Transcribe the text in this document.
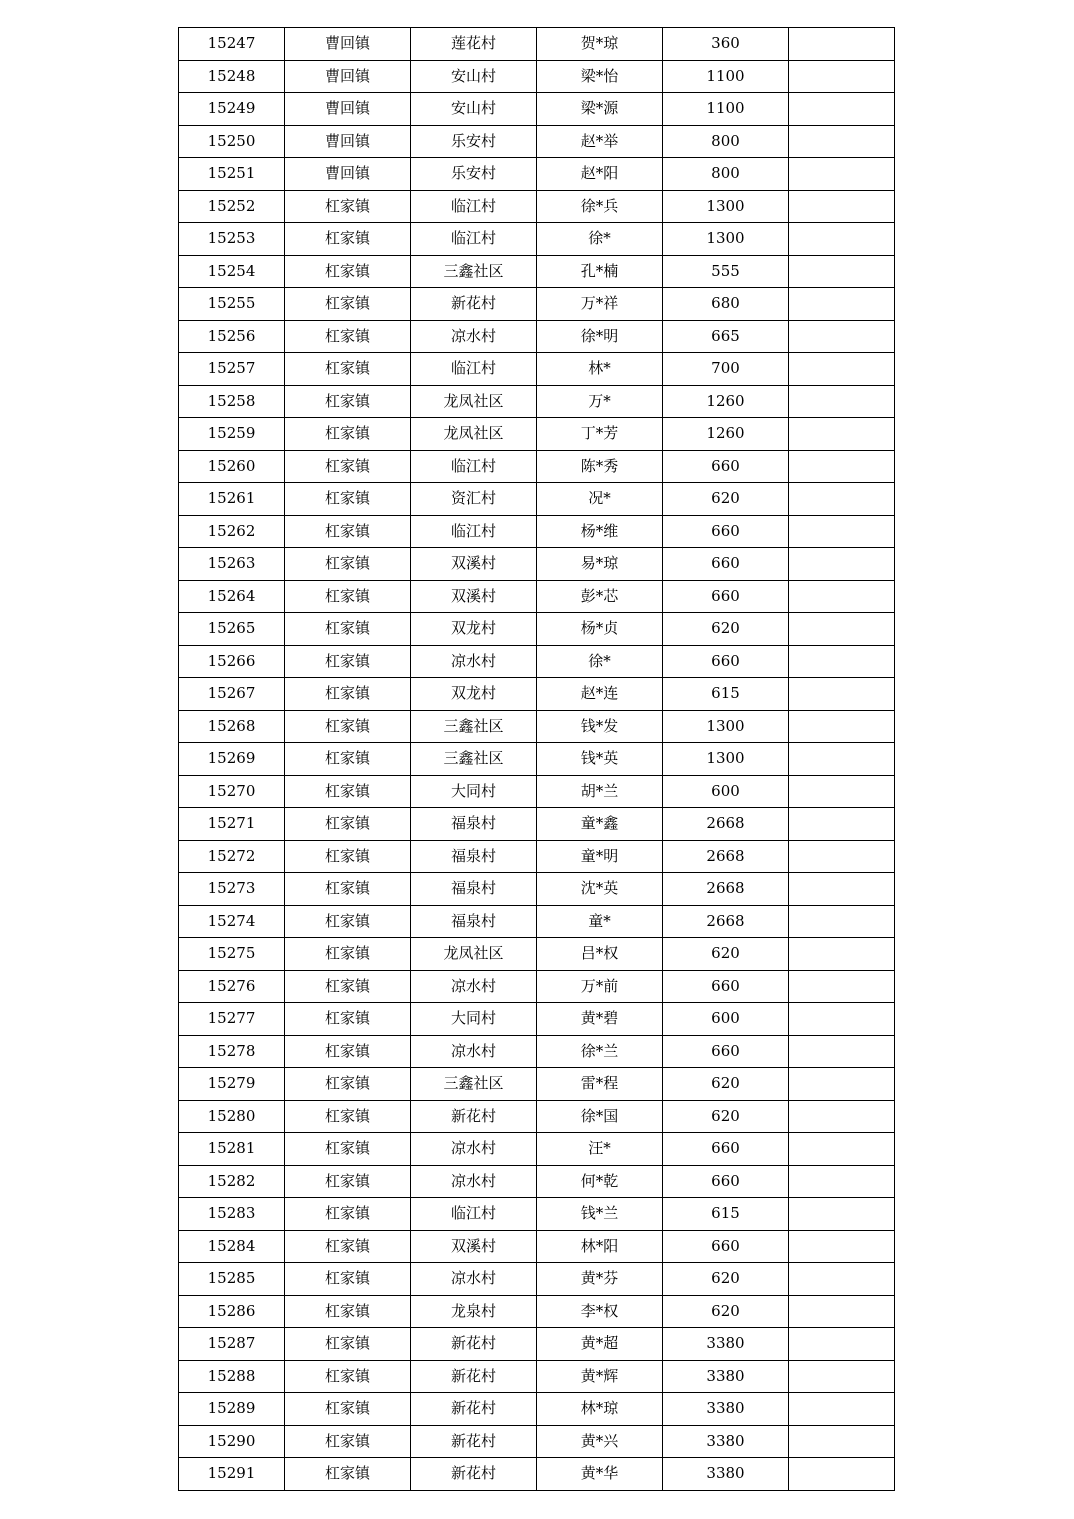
15247	曹回镇	莲花村	贺*琼	360	
15248	曹回镇	安山村	梁*怡	1100	
15249	曹回镇	安山村	梁*源	1100	
15250	曹回镇	乐安村	赵*举	800	
15251	曹回镇	乐安村	赵*阳	800	
15252	杠家镇	临江村	徐*兵	1300	
15253	杠家镇	临江村	徐*	1300	
15254	杠家镇	三鑫社区	孔*楠	555	
15255	杠家镇	新花村	万*祥	680	
15256	杠家镇	凉水村	徐*明	665	
15257	杠家镇	临江村	林*	700	
15258	杠家镇	龙凤社区	万*	1260	
15259	杠家镇	龙凤社区	丁*芳	1260	
15260	杠家镇	临江村	陈*秀	660	
15261	杠家镇	资汇村	况*	620	
15262	杠家镇	临江村	杨*维	660	
15263	杠家镇	双溪村	易*琼	660	
15264	杠家镇	双溪村	彭*芯	660	
15265	杠家镇	双龙村	杨*贞	620	
15266	杠家镇	凉水村	徐*	660	
15267	杠家镇	双龙村	赵*连	615	
15268	杠家镇	三鑫社区	钱*发	1300	
15269	杠家镇	三鑫社区	钱*英	1300	
15270	杠家镇	大同村	胡*兰	600	
15271	杠家镇	福泉村	童*鑫	2668	
15272	杠家镇	福泉村	童*明	2668	
15273	杠家镇	福泉村	沈*英	2668	
15274	杠家镇	福泉村	童*	2668	
15275	杠家镇	龙凤社区	吕*权	620	
15276	杠家镇	凉水村	万*前	660	
15277	杠家镇	大同村	黄*碧	600	
15278	杠家镇	凉水村	徐*兰	660	
15279	杠家镇	三鑫社区	雷*程	620	
15280	杠家镇	新花村	徐*国	620	
15281	杠家镇	凉水村	汪*	660	
15282	杠家镇	凉水村	何*乾	660	
15283	杠家镇	临江村	钱*兰	615	
15284	杠家镇	双溪村	林*阳	660	
15285	杠家镇	凉水村	黄*芬	620	
15286	杠家镇	龙泉村	李*权	620	
15287	杠家镇	新花村	黄*超	3380	
15288	杠家镇	新花村	黄*辉	3380	
15289	杠家镇	新花村	林*琼	3380	
15290	杠家镇	新花村	黄*兴	3380	
15291	杠家镇	新花村	黄*华	3380	
